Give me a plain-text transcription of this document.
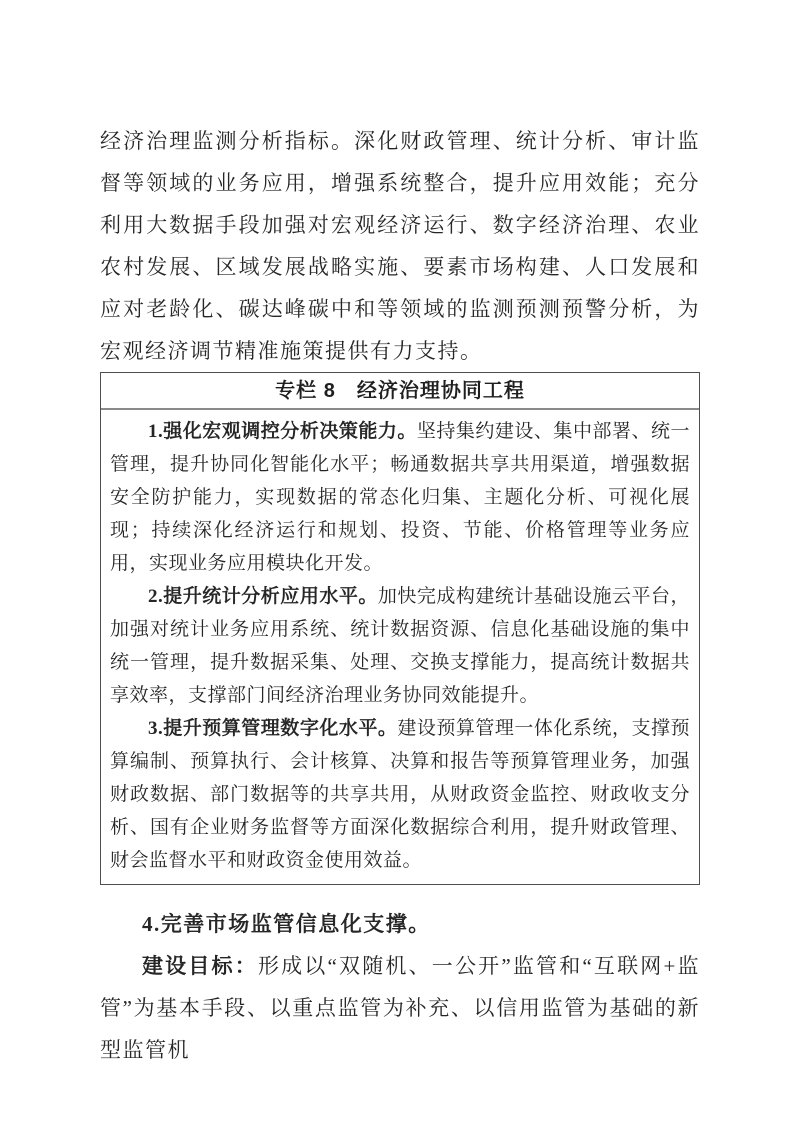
经济治理监测分析指标。深化财政管理、统计分析、审计监督等领域的业务应用，增强系统整合，提升应用效能；充分利用大数据手段加强对宏观经济运行、数字经济治理、农业农村发展、区域发展战略实施、要素市场构建、人口发展和应对老龄化、碳达峰碳中和等领域的监测预测预警分析，为宏观经济调节精准施策提供有力支持。

专栏 8　经济治理协同工程

1.强化宏观调控分析决策能力。坚持集约建设、集中部署、统一管理，提升协同化智能化水平；畅通数据共享共用渠道，增强数据安全防护能力，实现数据的常态化归集、主题化分析、可视化展现；持续深化经济运行和规划、投资、节能、价格管理等业务应用，实现业务应用模块化开发。

2.提升统计分析应用水平。加快完成构建统计基础设施云平台，加强对统计业务应用系统、统计数据资源、信息化基础设施的集中统一管理，提升数据采集、处理、交换支撑能力，提高统计数据共享效率，支撑部门间经济治理业务协同效能提升。

3.提升预算管理数字化水平。建设预算管理一体化系统，支撑预算编制、预算执行、会计核算、决算和报告等预算管理业务，加强财政数据、部门数据等的共享共用，从财政资金监控、财政收支分析、国有企业财务监督等方面深化数据综合利用，提升财政管理、财会监督水平和财政资金使用效益。

4.完善市场监管信息化支撑。

建设目标：形成以“双随机、一公开”监管和“互联网+监管”为基本手段、以重点监管为补充、以信用监管为基础的新型监管机
